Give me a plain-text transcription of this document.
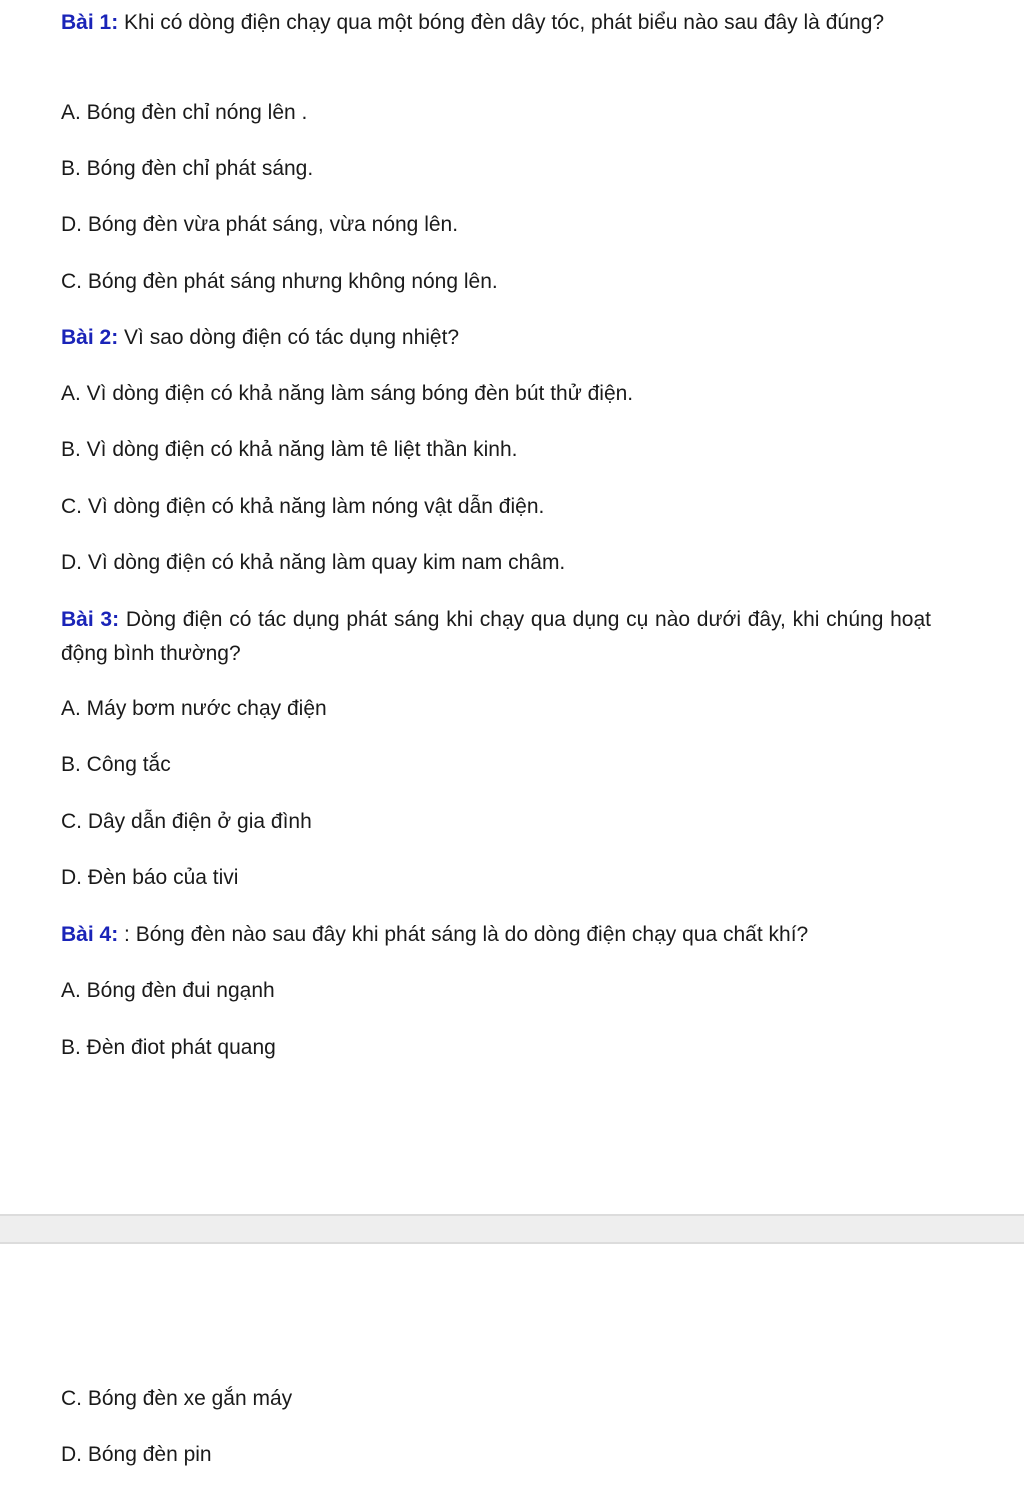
Bài 1: Khi có dòng điện chạy qua một bóng đèn dây tóc, phát biểu nào sau đây là đúng?
A. Bóng đèn chỉ nóng lên .
B. Bóng đèn chỉ phát sáng.
D. Bóng đèn vừa phát sáng, vừa nóng lên.
C. Bóng đèn phát sáng nhưng không nóng lên.
Bài 2: Vì sao dòng điện có tác dụng nhiệt?
A. Vì dòng điện có khả năng làm sáng bóng đèn bút thử điện.
B. Vì dòng điện có khả năng làm tê liệt thần kinh.
C. Vì dòng điện có khả năng làm nóng vật dẫn điện.
D. Vì dòng điện có khả năng làm quay kim nam châm.
Bài 3: Dòng điện có tác dụng phát sáng khi chạy qua dụng cụ nào dưới đây, khi chúng hoạt động bình thường?
A. Máy bơm nước chạy điện
B. Công tắc
C. Dây dẫn điện ở gia đình
D. Đèn báo của tivi
Bài 4: : Bóng đèn nào sau đây khi phát sáng là do dòng điện chạy qua chất khí?
A. Bóng đèn đui ngạnh
B. Đèn điot phát quang
C. Bóng đèn xe gắn máy
D. Bóng đèn pin
